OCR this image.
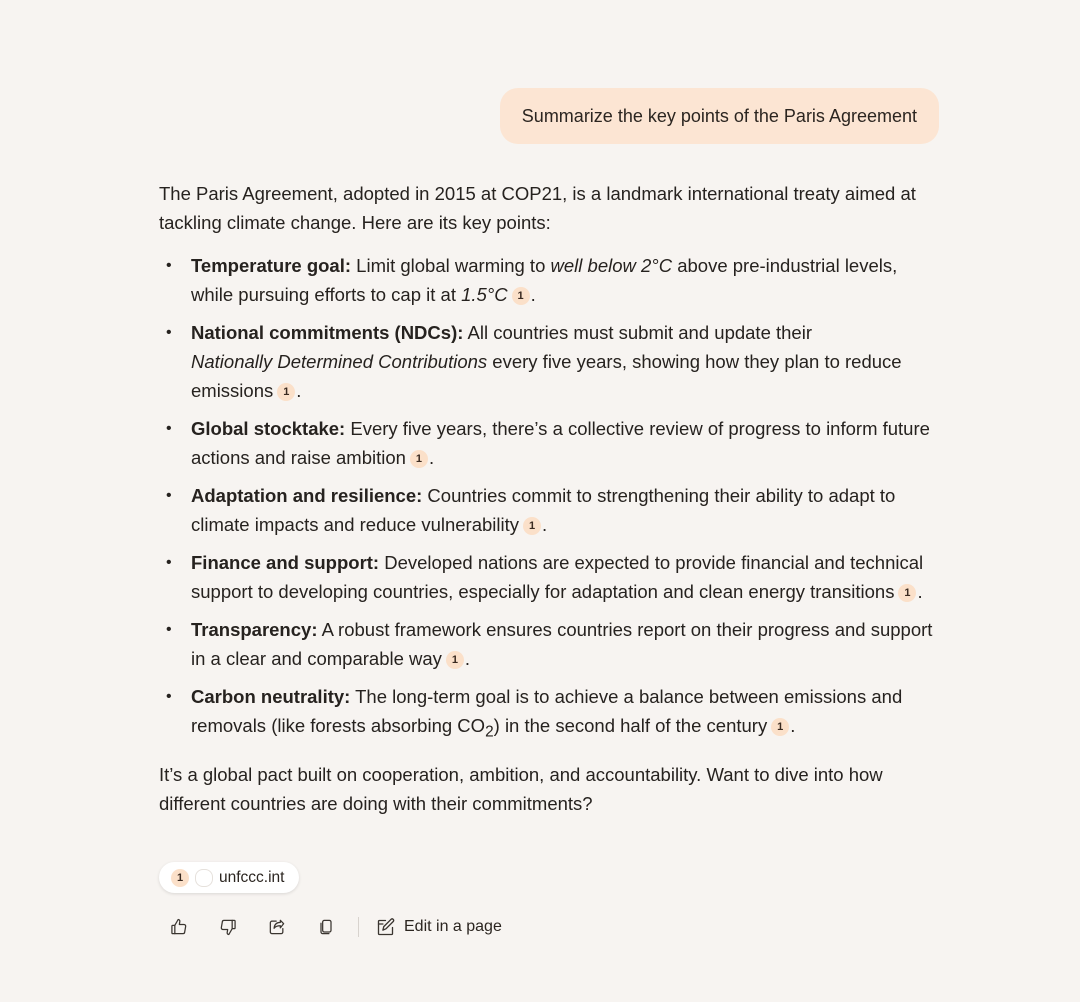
Summarize the key points of the Paris Agreement

The Paris Agreement, adopted in 2015 at COP21, is a landmark international treaty aimed at tackling climate change. Here are its key points:

• Temperature goal: Limit global warming to well below 2°C above pre-industrial levels, while pursuing efforts to cap it at 1.5°C 1 .
• National commitments (NDCs): All countries must submit and update their
Nationally Determined Contributions every five years, showing how they plan to reduce emissions 1 .
• Global stocktake: Every five years, there’s a collective review of progress to inform future actions and raise ambition 1 .
• Adaptation and resilience: Countries commit to strengthening their ability to adapt to climate impacts and reduce vulnerability 1 .
• Finance and support: Developed nations are expected to provide financial and technical support to developing countries, especially for adaptation and clean energy transitions 1 .
• Transparency: A robust framework ensures countries report on their progress and support in a clear and comparable way 1 .
• Carbon neutrality: The long-term goal is to achieve a balance between emissions and removals (like forests absorbing $CO_2$) in the second half of the century 1 .

It’s a global pact built on cooperation, ambition, and accountability. Want to dive into how different countries are doing with their commitments?

1	unfccc.int
Edit in a page
